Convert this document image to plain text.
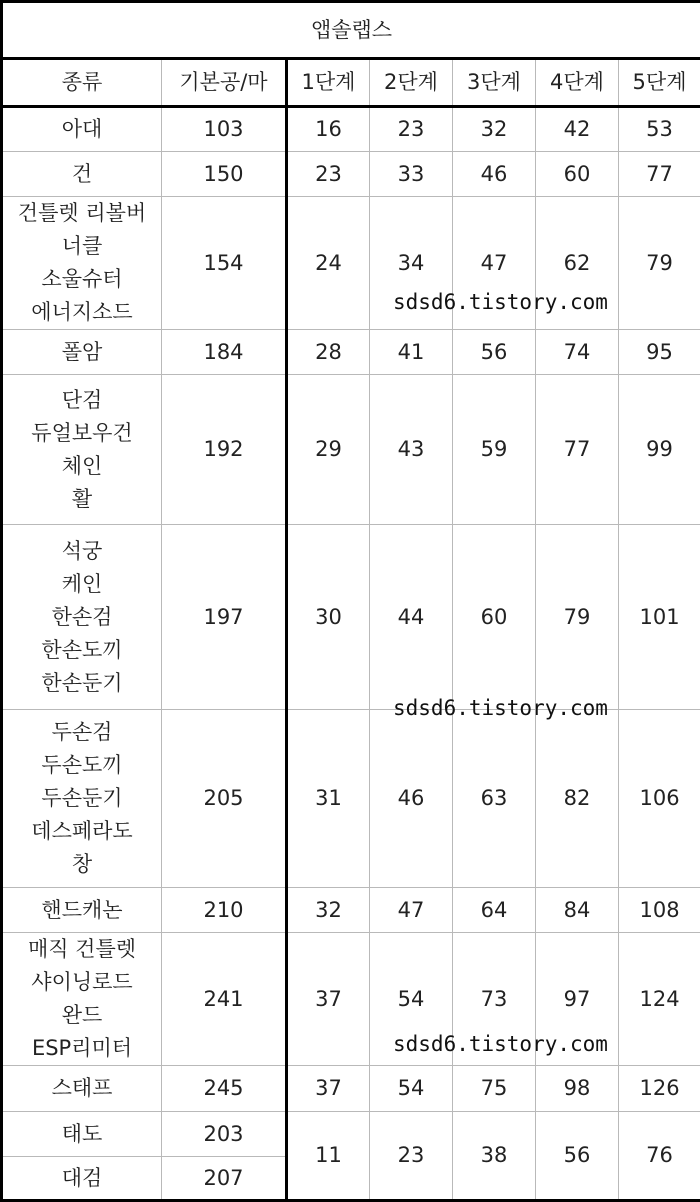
앱솔랩스						
종류	기본공/마	1단계	2단계	3단계	4단계	5단계

아대	103	16	23	32	42	53

건	150	23	33	46	60	77

건틀렛 리볼버
너클
소울슈터
에너지소드	154	24	34	47	62	79

폴암	184	28	41	56	74	95

단검
듀얼보우건
체인
활	192	29	43	59	77	99

석궁
케인
한손검
한손도끼
한손둔기	197	30	44	60	79	101

두손검
두손도끼
두손둔기
데스페라도
창	205	31	46	63	82	106

핸드캐논	210	32	47	64	84	108

매직 건틀렛
샤이닝로드
완드
ESP리미터	241	37	54	73	97	124

스태프	245	37	54	75	98	126
태도	203	11	23	38	56	76
대검	207					
sdsd6.tistory.com
sdsd6.tistory.com
sdsd6.tistory.com
